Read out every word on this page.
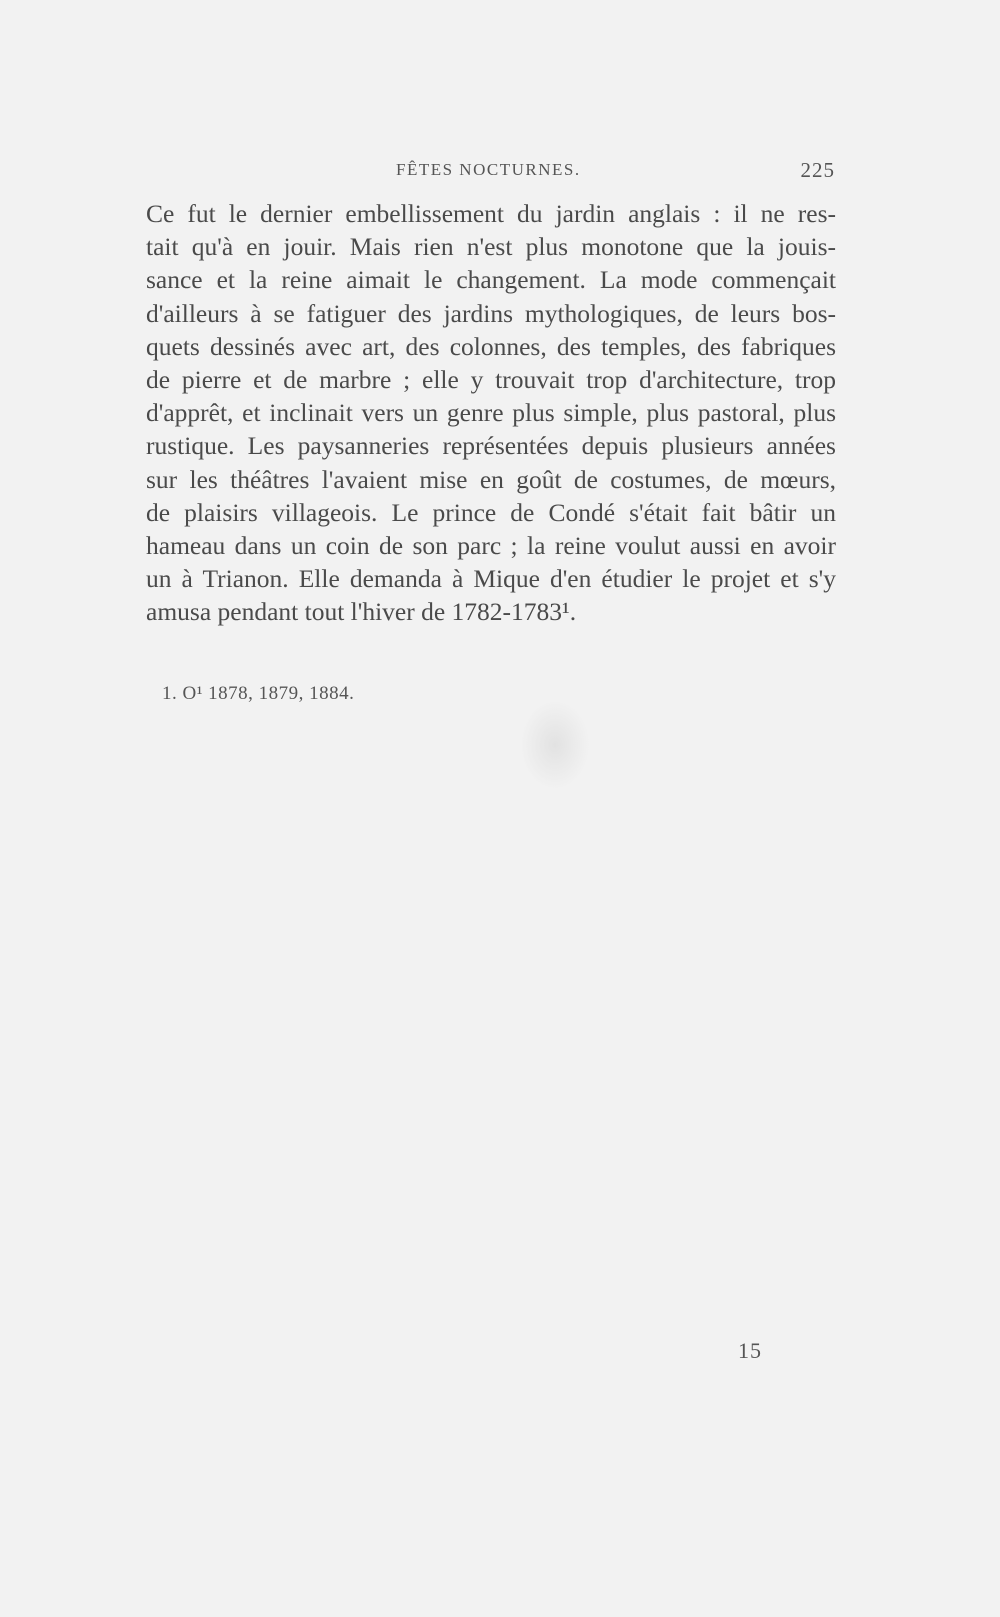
FÊTES NOCTURNES.	225
Ce fut le dernier embellissement du jardin anglais : il ne res-
tait qu'à en jouir. Mais rien n'est plus monotone que la jouis-
sance et la reine aimait le changement. La mode commençait
d'ailleurs à se fatiguer des jardins mythologiques, de leurs bos-
quets dessinés avec art, des colonnes, des temples, des fabriques
de pierre et de marbre ; elle y trouvait trop d'architecture, trop
d'apprêt, et inclinait vers un genre plus simple, plus pastoral, plus
rustique. Les paysanneries représentées depuis plusieurs années
sur les théâtres l'avaient mise en goût de costumes, de mœurs,
de plaisirs villageois. Le prince de Condé s'était fait bâtir un
hameau dans un coin de son parc ; la reine voulut aussi en avoir
un à Trianon. Elle demanda à Mique d'en étudier le projet et s'y
amusa pendant tout l'hiver de 1782-1783¹.
1. O¹ 1878, 1879, 1884.
15
